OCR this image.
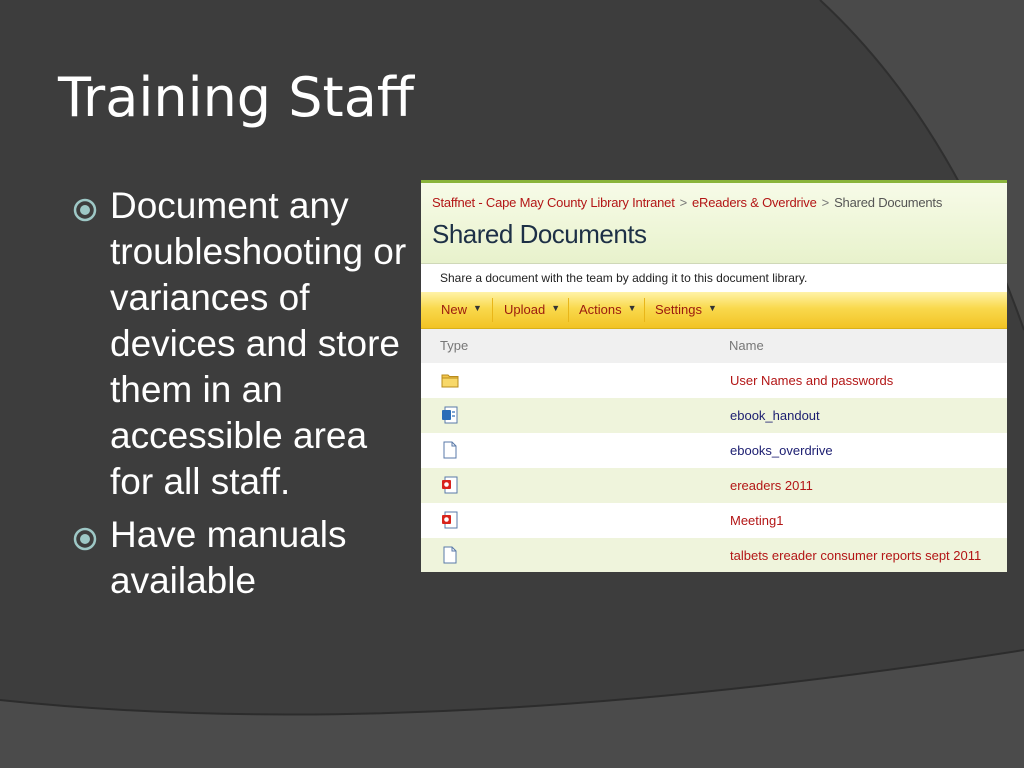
Training Staff
Document any troubleshooting or variances of devices and store them in an accessible area for all staff.
Have manuals available
Staffnet - Cape May County Library Intranet > eReaders & Overdrive > Shared Documents
Shared Documents
Share a document with the team by adding it to this document library.
New ▼ Upload ▼ Actions ▼ Settings ▼
Type	Name
User Names and passwords
ebook_handout
ebooks_overdrive
ereaders 2011
Meeting1
talbets ereader consumer reports sept 2011
